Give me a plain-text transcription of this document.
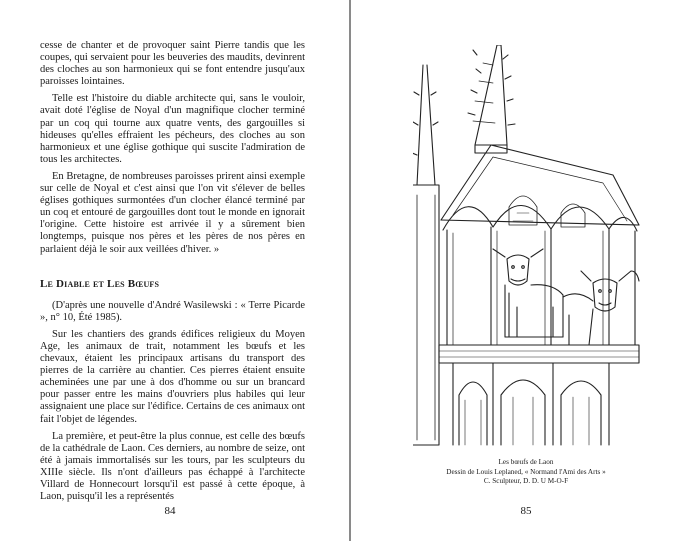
cesse de chanter et de provoquer saint Pierre tandis que les coupes, qui servaient pour les beuveries des maudits, devinrent des cloches au son harmonieux qui se font entendre jusqu'aux paroisses lointaines.

Telle est l'histoire du diable architecte qui, sans le vouloir, avait doté l'église de Noyal d'un magnifique clocher terminé par un coq qui tourne aux quatre vents, des gargouilles si hideuses qu'elles effraient les pécheurs, des cloches au son harmonieux et une église gothique qui suscite l'admiration de tous les architectes.

En Bretagne, de nombreuses paroisses prirent ainsi exemple sur celle de Noyal et c'est ainsi que l'on vit s'élever de belles églises gothiques surmontées d'un clocher élancé terminé par un coq et entouré de gargouilles dont tout le monde en ignorait l'origine. Cette histoire est arrivée il y a sûrement bien longtemps, puisque nos pères et les pères de nos pères en parlaient déjà le soir aux veillées d'hiver. »

Le Diable et Les Bœufs

(D'après une nouvelle d'André Wasilewski : « Terre Picarde », n° 10, Été 1985).

Sur les chantiers des grands édifices religieux du Moyen Age, les animaux de trait, notamment les bœufs et les chevaux, étaient les principaux artisans du transport des pierres de la carrière au chantier. Ces pierres étaient ensuite acheminées une par une à dos d'homme ou sur un brancard pour passer entre les mains d'ouvriers plus habiles qui leur assignaient une place sur l'édifice. Certains de ces animaux ont fait l'objet de légendes.

La première, et peut-être la plus connue, est celle des bœufs de la cathédrale de Laon. Ces derniers, au nombre de seize, ont été à jamais immortalisés sur les tours, par les sculpteurs du XIIIe siècle. Ils n'ont d'ailleurs pas échappé à l'architecte Villard de Honnecourt lorsqu'il est passé à cette époque, à Laon, puisqu'il les a représentés

84
Les bœufs de Laon
Dessin de Louis Leplaned, « Normand l'Ami des Arts »
C. Sculpteur, D. D. U M-O-F
85
